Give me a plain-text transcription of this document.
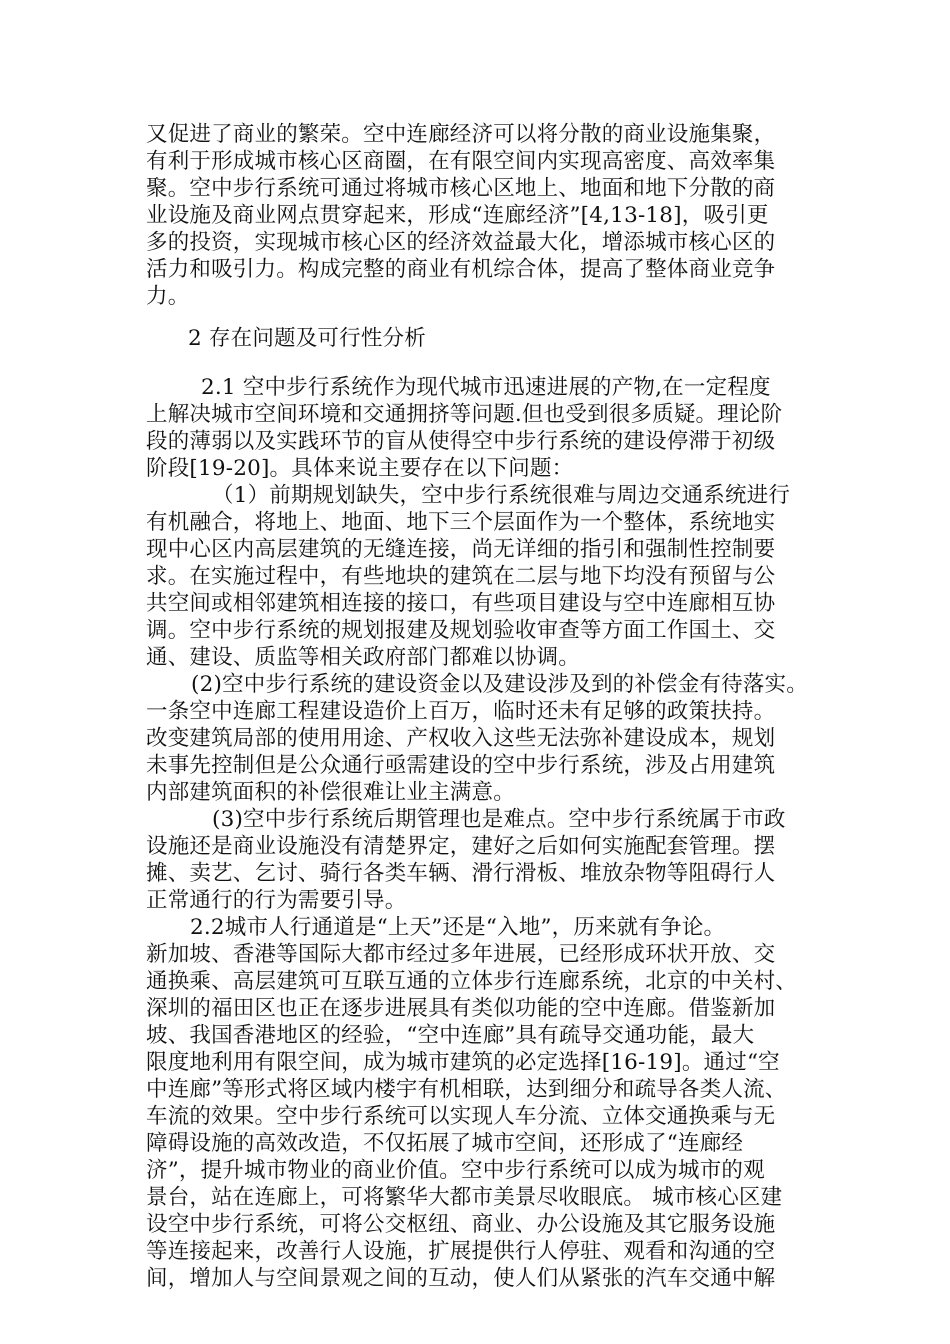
又促进了商业的繁荣。空中连廊经济可以将分散的商业设施集聚，
有利于形成城市核心区商圈，在有限空间内实现高密度、高效率集
聚。空中步行系统可通过将城市核心区地上、地面和地下分散的商
业设施及商业网点贯穿起来，形成“连廊经济”[4,13-18]，吸引更
多的投资，实现城市核心区的经济效益最大化，增添城市核心区的
活力和吸引力。构成完整的商业有机综合体，提高了整体商业竞争
力。
2 存在问题及可行性分析
2.1 空中步行系统作为现代城市迅速进展的产物,在一定程度
上解决城市空间环境和交通拥挤等问题.但也受到很多质疑。理论阶
段的薄弱以及实践环节的盲从使得空中步行系统的建设停滞于初级
阶段[19-20]。具体来说主要存在以下问题：
（1）前期规划缺失，空中步行系统很难与周边交通系统进行
有机融合，将地上、地面、地下三个层面作为一个整体，系统地实
现中心区内高层建筑的无缝连接，尚无详细的指引和强制性控制要
求。在实施过程中，有些地块的建筑在二层与地下均没有预留与公
共空间或相邻建筑相连接的接口，有些项目建设与空中连廊相互协
调。空中步行系统的规划报建及规划验收审查等方面工作国土、交
通、建设、质监等相关政府部门都难以协调。
(2)空中步行系统的建设资金以及建设涉及到的补偿金有待落实。
一条空中连廊工程建设造价上百万，临时还未有足够的政策扶持。
改变建筑局部的使用用途、产权收入这些无法弥补建设成本，规划
未事先控制但是公众通行亟需建设的空中步行系统，涉及占用建筑
内部建筑面积的补偿很难让业主满意。
(3)空中步行系统后期管理也是难点。空中步行系统属于市政
设施还是商业设施没有清楚界定，建好之后如何实施配套管理。摆
摊、卖艺、乞讨、骑行各类车辆、滑行滑板、堆放杂物等阻碍行人
正常通行的行为需要引导。
2.2城市人行通道是“上天”还是“入地”，历来就有争论。
新加坡、香港等国际大都市经过多年进展，已经形成环状开放、交
通换乘、高层建筑可互联互通的立体步行连廊系统，北京的中关村、
深圳的福田区也正在逐步进展具有类似功能的空中连廊。借鉴新加
坡、我国香港地区的经验，“空中连廊”具有疏导交通功能，最大
限度地利用有限空间，成为城市建筑的必定选择[16-19]。通过“空
中连廊”等形式将区域内楼宇有机相联，达到细分和疏导各类人流、
车流的效果。空中步行系统可以实现人车分流、立体交通换乘与无
障碍设施的高效改造，不仅拓展了城市空间，还形成了“连廊经
济”，提升城市物业的商业价值。空中步行系统可以成为城市的观
景台，站在连廊上，可将繁华大都市美景尽收眼底。 城市核心区建
设空中步行系统，可将公交枢纽、商业、办公设施及其它服务设施
等连接起来，改善行人设施，扩展提供行人停驻、观看和沟通的空
间，增加人与空间景观之间的互动，使人们从紧张的汽车交通中解
